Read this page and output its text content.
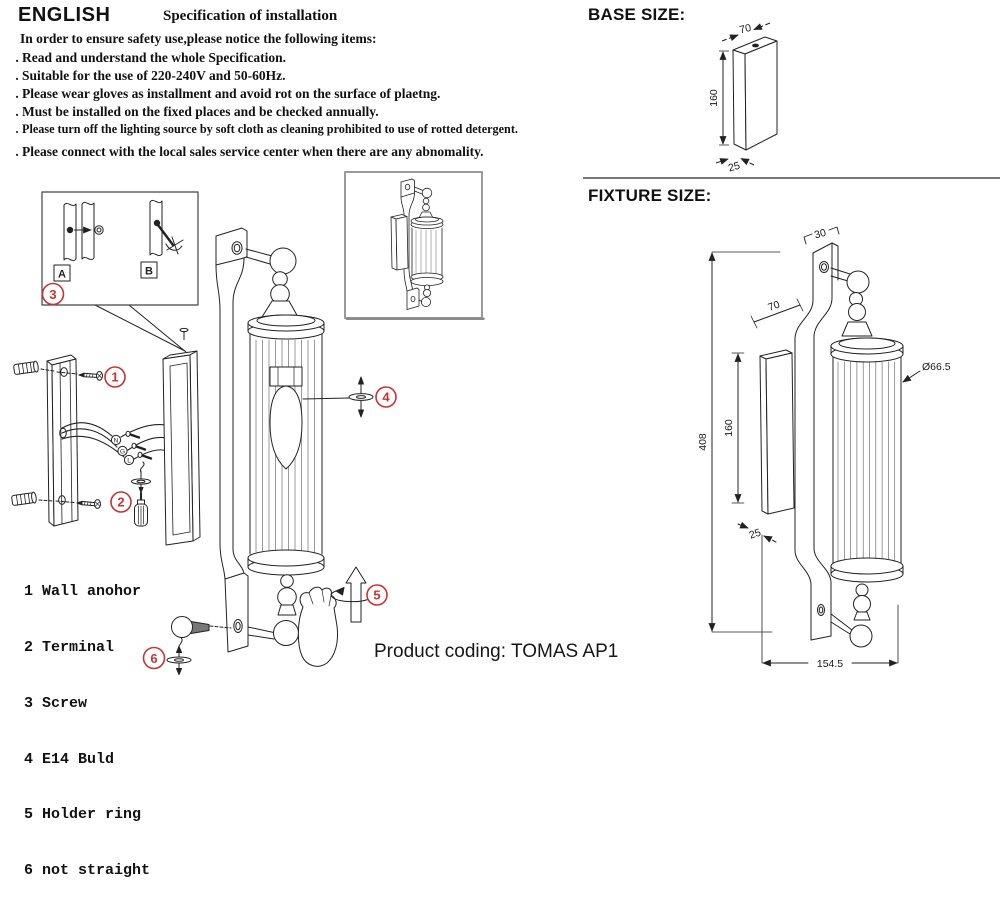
ENGLISH	Specification of installation
In order to ensure safety use,please notice the following items:
. Read and understand the whole Specification.
. Suitable for the use of 220-240V and 50-60Hz.
. Please wear gloves as installment and avoid rot on the surface of plaetng.
. Must be installed on the fixed places and be checked annually.
. Please turn off the lighting source by soft cloth as cleaning prohibited to use of rotted detergent.
. Please connect with the local sales service center when there are any abnomality.
N
G
L
A	B
1
2
3
4
5
6

1 Wall anohor

2 Terminal

3 Screw

4 E14 Buld

5 Holder ring

6 not straight

Product coding: TOMAS AP1
BASE SIZE:
FIXTURE SIZE:
70
160
25
408
160
70
30
25
Ø66.5
154.5
